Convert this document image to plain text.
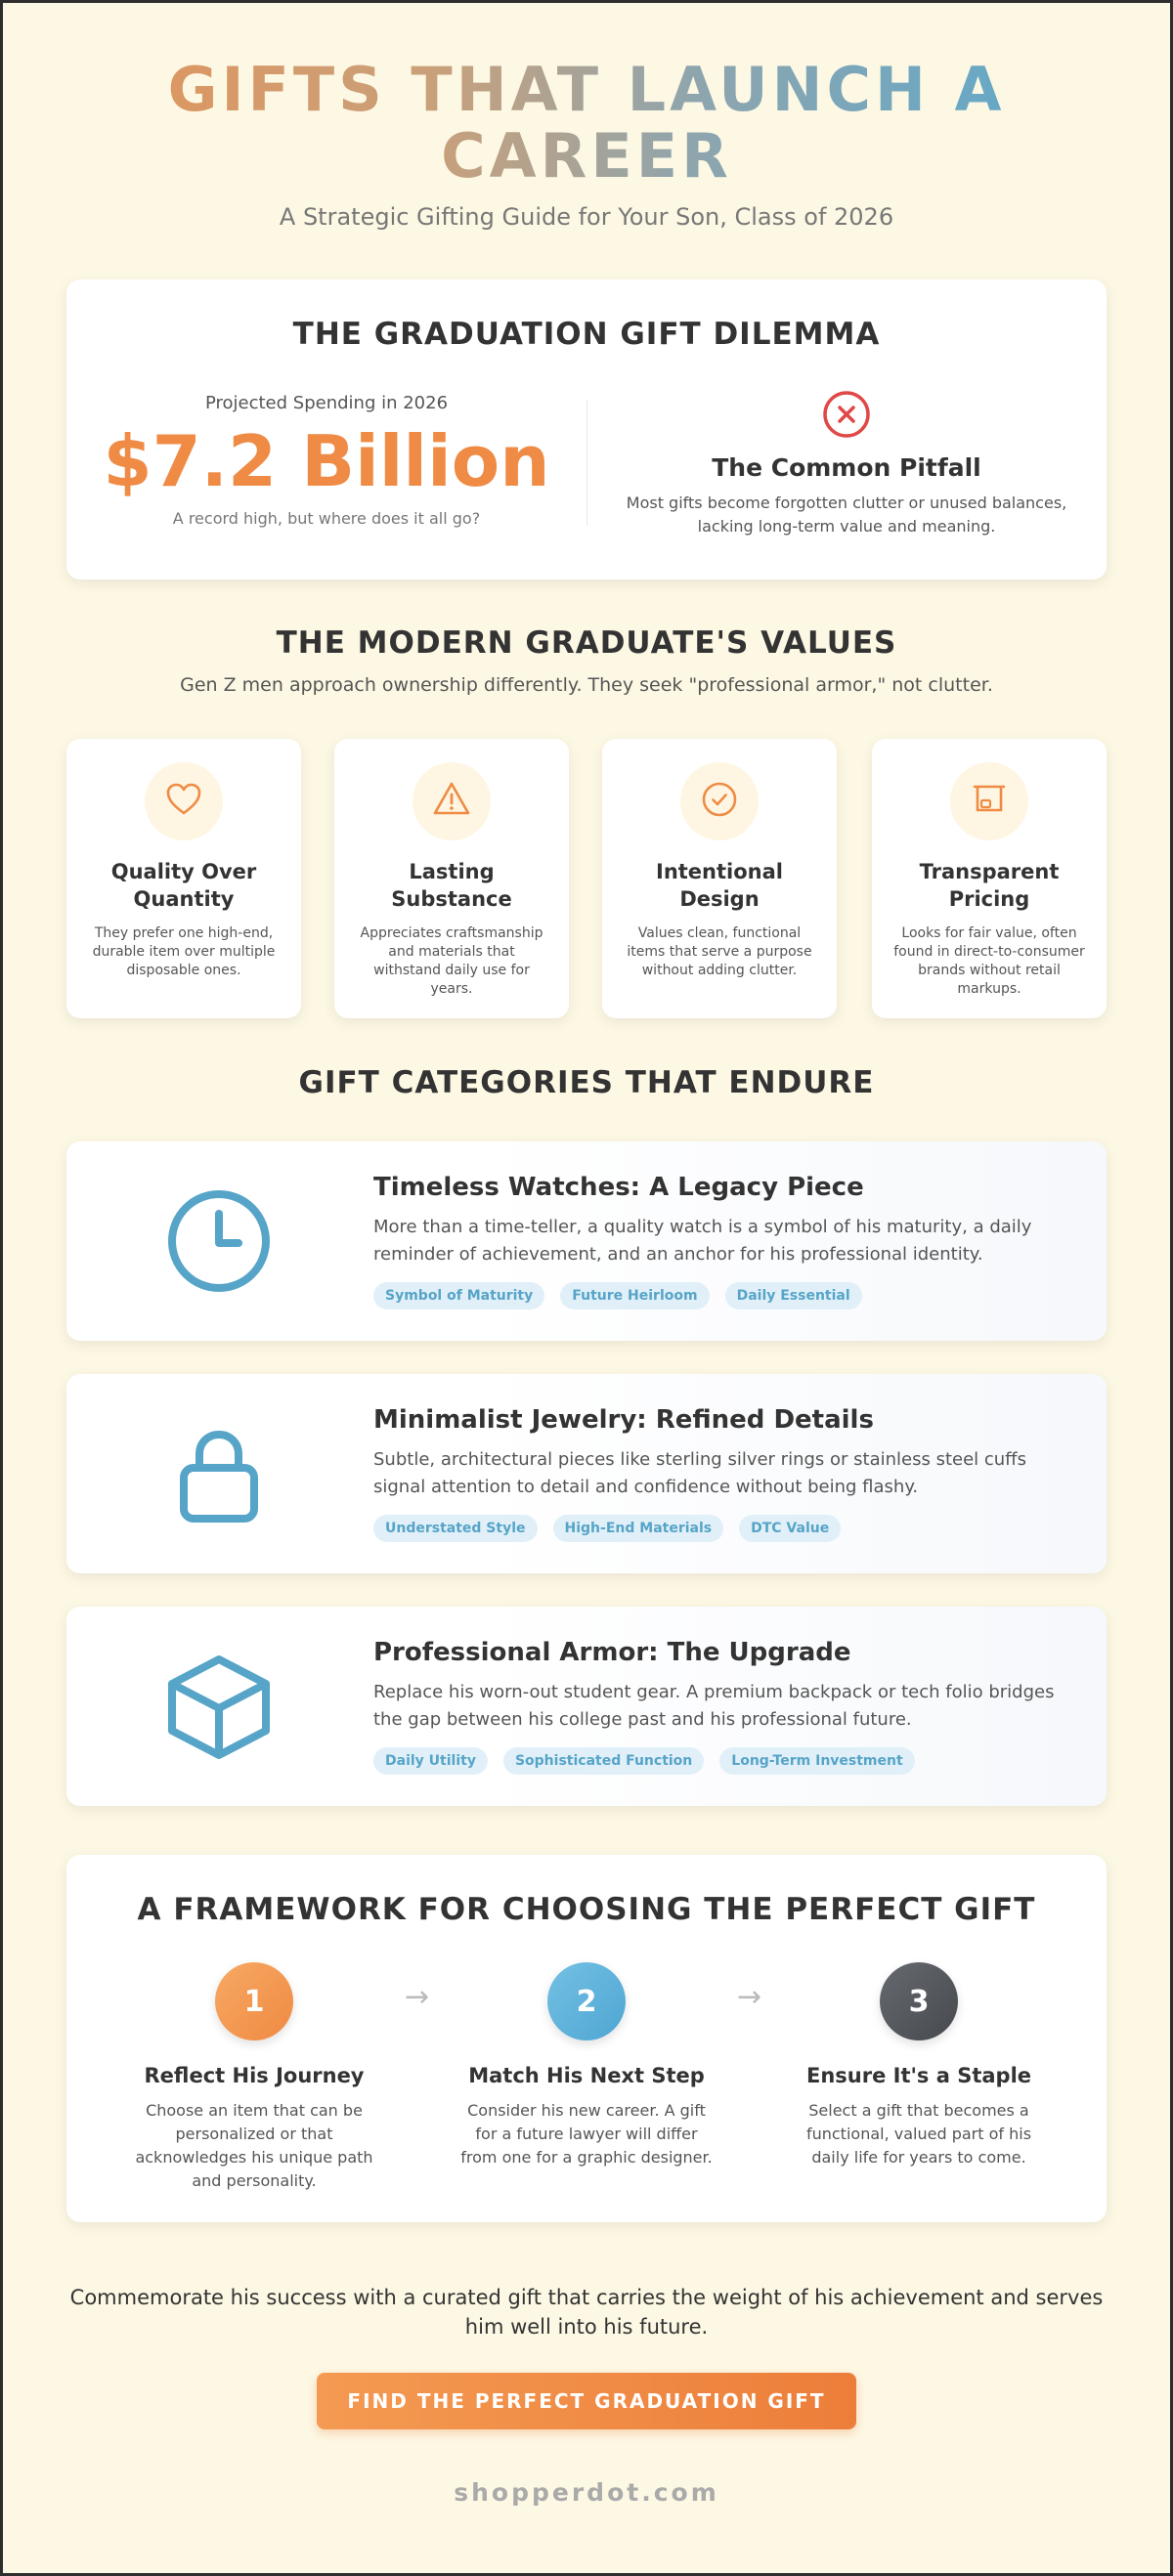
GIFTS THAT LAUNCH A
CAREER
A Strategic Gifting Guide for Your Son, Class of 2026
THE GRADUATION GIFT DILEMMA
Projected Spending in 2026
$7.2 Billion
A record high, but where does it all go?
The Common Pitfall
Most gifts become forgotten clutter or unused balances, lacking long-term value and meaning.
THE MODERN GRADUATE'S VALUES
Gen Z men approach ownership differently. They seek "professional armor," not clutter.
Quality Over Quantity
They prefer one high-end, durable item over multiple disposable ones.
Lasting Substance
Appreciates craftsmanship and materials that withstand daily use for years.
Intentional Design
Values clean, functional items that serve a purpose without adding clutter.
Transparent Pricing
Looks for fair value, often found in direct-to-consumer brands without retail markups.
GIFT CATEGORIES THAT ENDURE
Timeless Watches: A Legacy Piece
More than a time-teller, a quality watch is a symbol of his maturity, a daily reminder of achievement, and an anchor for his professional identity.
Symbol of Maturity	Future Heirloom	Daily Essential
Minimalist Jewelry: Refined Details
Subtle, architectural pieces like sterling silver rings or stainless steel cuffs signal attention to detail and confidence without being flashy.
Understated Style	High-End Materials	DTC Value
Professional Armor: The Upgrade
Replace his worn-out student gear. A premium backpack or tech folio bridges the gap between his college past and his professional future.
Daily Utility	Sophisticated Function	Long-Term Investment
A FRAMEWORK FOR CHOOSING THE PERFECT GIFT
1
Reflect His Journey
Choose an item that can be personalized or that acknowledges his unique path and personality.
→	2
Match His Next Step
Consider his new career. A gift for a future lawyer will differ from one for a graphic designer.
→	3
Ensure It's a Staple
Select a gift that becomes a functional, valued part of his daily life for years to come.

Commemorate his success with a curated gift that carries the weight of his achievement and serves him well into his future.

FIND THE PERFECT GRADUATION GIFT
shopperdot.com
